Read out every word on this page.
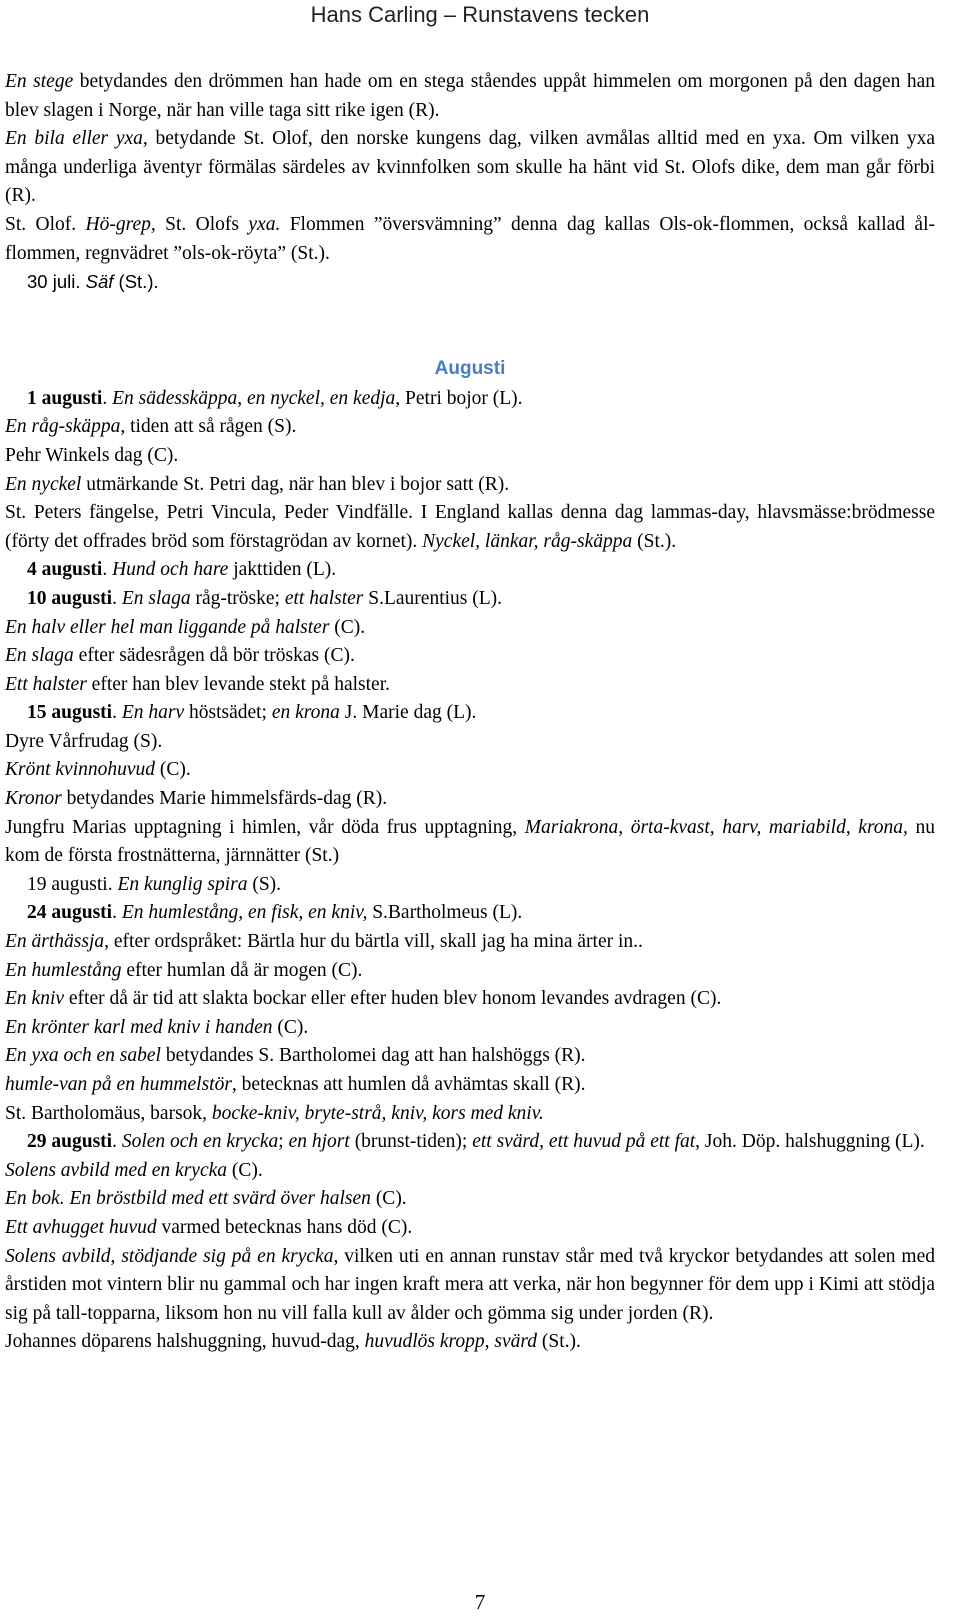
Hans Carling – Runstavens tecken

En stege betydandes den drömmen han hade om en stega ståendes uppåt himmelen om morgonen på den dagen han blev slagen i Norge, när han ville taga sitt rike igen (R).

En bila eller yxa, betydande St. Olof, den norske kungens dag, vilken avmålas alltid med en yxa. Om vilken yxa många underliga äventyr förmälas särdeles av kvinnfolken som skulle ha hänt vid St. Olofs dike, dem man går förbi (R).

St. Olof. Hö-grep, St. Olofs yxa. Flommen ”översvämning” denna dag kallas Ols-ok-flommen, också kallad ål-flommen, regnvädret ”ols-ok-röyta” (St.).

30 juli. Säf (St.).

Augusti

1 augusti. En sädesskäppa, en nyckel, en kedja, Petri bojor (L).

En råg-skäppa, tiden att så rågen (S).

Pehr Winkels dag (C).

En nyckel utmärkande St. Petri dag, när han blev i bojor satt (R).

St. Peters fängelse, Petri Vincula, Peder Vindfälle. I England kallas denna dag lammas-day, hlavsmässe:brödmesse (förty det offrades bröd som förstagrödan av kornet). Nyckel, länkar, råg-skäppa (St.).

4 augusti. Hund och hare jakttiden (L).

10 augusti. En slaga råg-tröske; ett halster S.Laurentius (L).

En halv eller hel man liggande på halster (C).

En slaga efter sädesrågen då bör tröskas (C).

Ett halster efter han blev levande stekt på halster.

15 augusti. En harv höstsädet; en krona J. Marie dag (L).

Dyre Vårfrudag (S).

Krönt kvinnohuvud (C).

Kronor betydandes Marie himmelsfärds-dag (R).

Jungfru Marias upptagning i himlen, vår döda frus upptagning, Mariakrona, örta-kvast, harv, mariabild, krona, nu kom de första frostnätterna, järnnätter (St.)

19 augusti. En kunglig spira (S).

24 augusti. En humlestång, en fisk, en kniv, S.Bartholmeus (L).

En ärthässja, efter ordspråket: Bärtla hur du bärtla vill, skall jag ha mina ärter in..

En humlestång efter humlan då är mogen (C).

En kniv efter då är tid att slakta bockar eller efter huden blev honom levandes avdragen (C).

En krönter karl med kniv i handen (C).

En yxa och en sabel betydandes S. Bartholomei dag att han halshöggs (R).

humle-van på en hummelstör, betecknas att humlen då avhämtas skall (R).

St. Bartholomäus, barsok, bocke-kniv, bryte-strå, kniv, kors med kniv.

29 augusti. Solen och en krycka; en hjort (brunst-tiden); ett svärd, ett huvud på ett fat, Joh. Döp. halshuggning (L).

Solens avbild med en krycka (C).

En bok. En bröstbild med ett svärd över halsen (C).

Ett avhugget huvud varmed betecknas hans död (C).

Solens avbild, stödjande sig på en krycka, vilken uti en annan runstav står med två kryckor betydandes att solen med årstiden mot vintern blir nu gammal och har ingen kraft mera att verka, när hon begynner för dem upp i Kimi att stödja sig på tall-topparna, liksom hon nu vill falla kull av ålder och gömma sig under jorden (R).

Johannes döparens halshuggning, huvud-dag, huvudlös kropp, svärd (St.).

7
